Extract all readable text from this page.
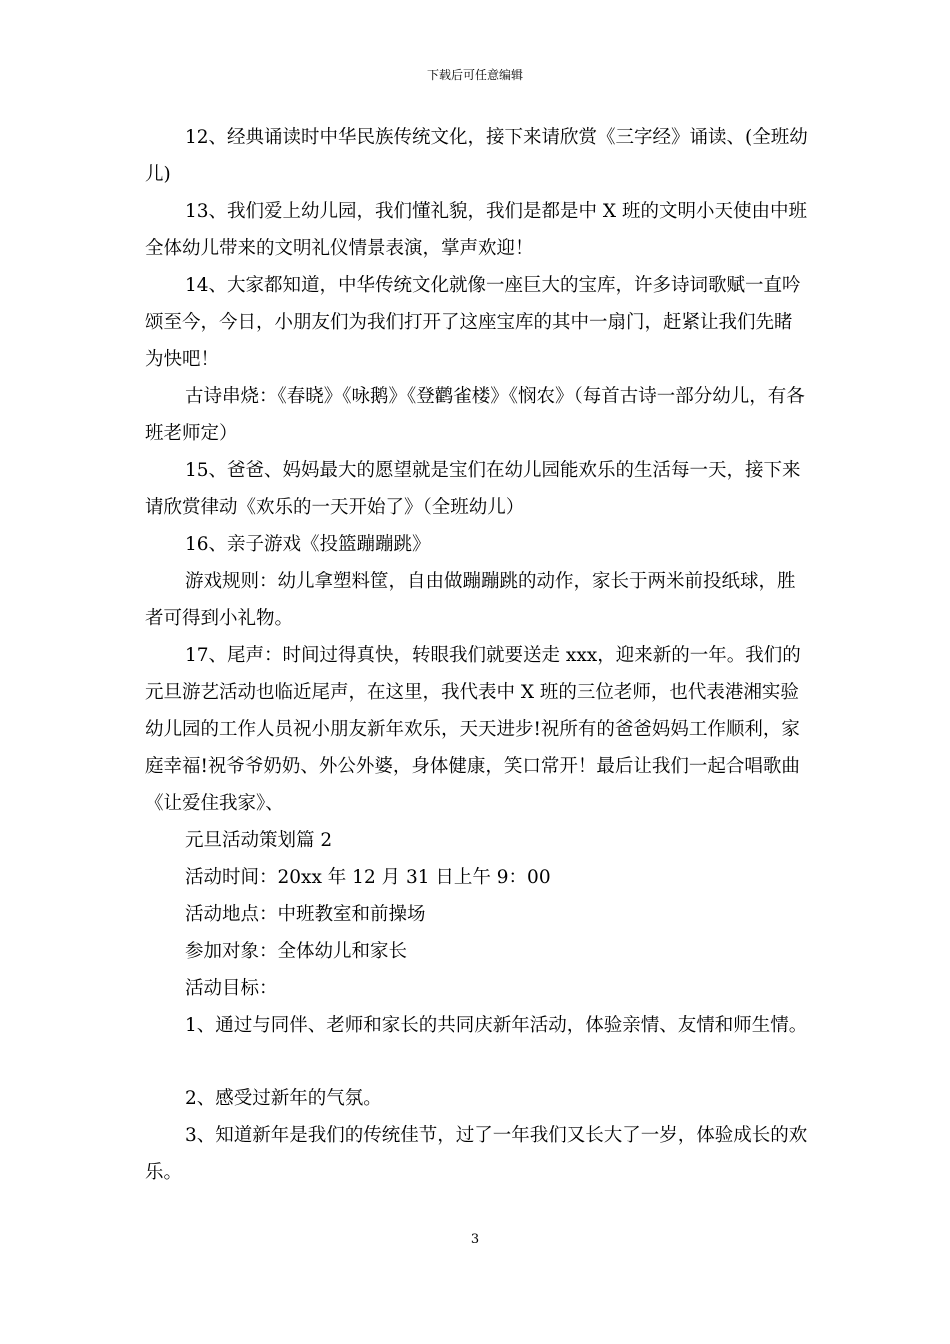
下载后可任意编辑

12、经典诵读时中华民族传统文化，接下来请欣赏《三字经》诵读、(全班幼儿)

13、我们爱上幼儿园，我们懂礼貌，我们是都是中 X 班的文明小天使由中班全体幼儿带来的文明礼仪情景表演，掌声欢迎！

14、大家都知道，中华传统文化就像一座巨大的宝库，许多诗词歌赋一直吟颂至今，今日，小朋友们为我们打开了这座宝库的其中一扇门，赶紧让我们先睹为快吧！

古诗串烧：《春晓》《咏鹅》《登鹳雀楼》《悯农》（每首古诗一部分幼儿，有各班老师定）

15、爸爸、妈妈最大的愿望就是宝们在幼儿园能欢乐的生活每一天，接下来请欣赏律动《欢乐的一天开始了》（全班幼儿）

16、亲子游戏《投篮蹦蹦跳》

游戏规则：幼儿拿塑料筐，自由做蹦蹦跳的动作，家长于两米前投纸球，胜者可得到小礼物。

17、尾声：时间过得真快，转眼我们就要送走 xxx，迎来新的一年。我们的元旦游艺活动也临近尾声，在这里，我代表中 X 班的三位老师，也代表港湘实验幼儿园的工作人员祝小朋友新年欢乐，天天进步!祝所有的爸爸妈妈工作顺利，家庭幸福!祝爷爷奶奶、外公外婆，身体健康，笑口常开！最后让我们一起合唱歌曲《让爱住我家》、

元旦活动策划篇 2

活动时间：20xx 年 12 月 31 日上午 9：00

活动地点：中班教室和前操场

参加对象：全体幼儿和家长

活动目标：

1、通过与同伴、老师和家长的共同庆新年活动，体验亲情、友情和师生情。

2、感受过新年的气氛。

3、知道新年是我们的传统佳节，过了一年我们又长大了一岁，体验成长的欢乐。

3
